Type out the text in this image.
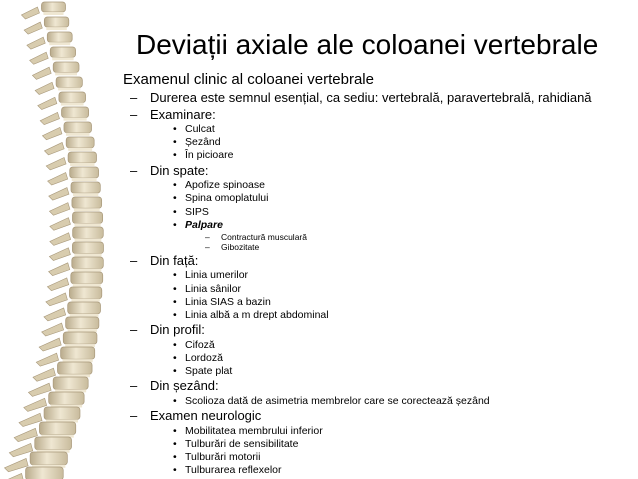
Deviații axiale ale coloanei vertebrale
Examenul clinic al coloanei vertebrale
– Durerea este semnul esențial, ca sediu: vertebrală, paravertebrală, rahidiană
– Examinare:
• Culcat
• Șezând
• În picioare
– Din spate:
• Apofize spinoase
• Spina omoplatului
• SIPS
• Palpare
– Contractură musculară
– Gibozitate
– Din față:
• Linia umerilor
• Linia sânilor
• Linia SIAS a bazin
• Linia albă a m drept abdominal
– Din profil:
• Cifoză
• Lordoză
• Spate plat
– Din șezând:
• Scolioza dată de asimetria membrelor care se corectează șezând
– Examen neurologic
• Mobilitatea membrului inferior
• Tulburări de sensibilitate
• Tulburări motorii
• Tulburarea reflexelor
